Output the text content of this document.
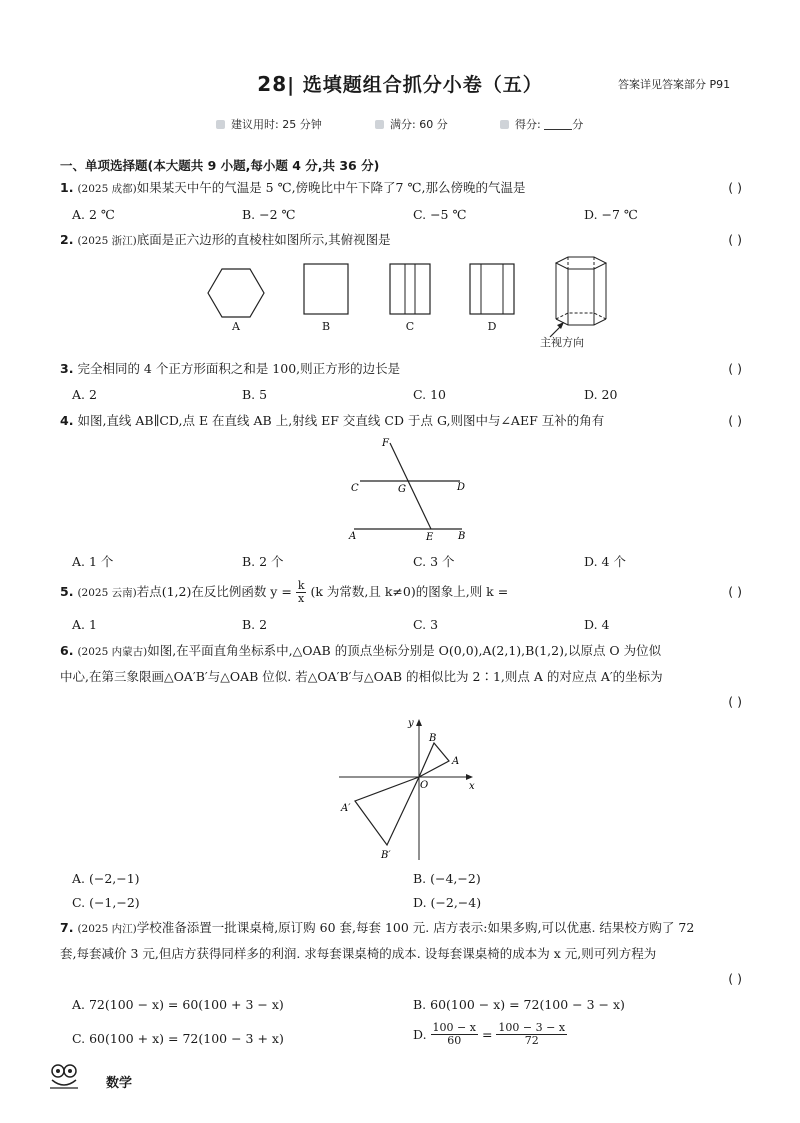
28| 选填题组合抓分小卷（五）	答案详见答案部分 P91
建议用时: 25 分钟	满分: 60 分	得分:	分
一、单项选择题(本大题共 9 小题,每小题 4 分,共 36 分)
1. (2025 成都)如果某天中午的气温是 5 ℃,傍晚比中午下降了7 ℃,那么傍晚的气温是	( )
A. 2 ℃	B. −2 ℃	C. −5 ℃	D. −7 ℃
2. (2025 浙江)底面是正六边形的直棱柱如图所示,其俯视图是	( )
A	B	C	D
主视方向
3. 完全相同的 4 个正方形面积之和是 100,则正方形的边长是	( )
A. 2	B. 5	C. 10	D. 20
4. 如图,直线 AB∥CD,点 E 在直线 AB 上,射线 EF 交直线 CD 于点 G,则图中与∠AEF 互补的角有	( )
F
C	G	D
A	E B
A. 1 个	B. 2 个	C. 3 个	D. 4 个
5. (2025 云南)若点(1,2)在反比例函数 $y = \frac{k}{x} (k$ 为常数,且 k≠0)的图象上,则 k =	( )
A. 1	B. 2	C. 3	D. 4
6. (2025 内蒙古)如图,在平面直角坐标系中,△OAB 的顶点坐标分别是 O(0,0),A(2,1),B(1,2),以原点 O 为位似
中心,在第三象限画△OA′B′与△OAB 位似. 若△OA′B′与△OAB 的相似比为 2∶1,则点 A 的对应点 A′的坐标为
( )
y
x
O
A
B
A′
B′
A. (−2,−1)	B. (−4,−2)
C. (−1,−2)	D. (−2,−4)
7. (2025 内江)学校准备添置一批课桌椅,原订购 60 套,每套 100 元. 店方表示:如果多购,可以优惠. 结果校方购了 72
套,每套减价 3 元,但店方获得同样多的利润. 求每套课桌椅的成本. 设每套课桌椅的成本为 x 元,则可列方程为
( )
A. 72(100 − x) = 60(100 + 3 − x)	B. 60(100 − x) = 72(100 − 3 − x)
C. 60(100 + x) = 72(100 − 3 + x)	D. $\frac{100 - x}{60} = \frac{100 - 3 - x}{72}$
数学
